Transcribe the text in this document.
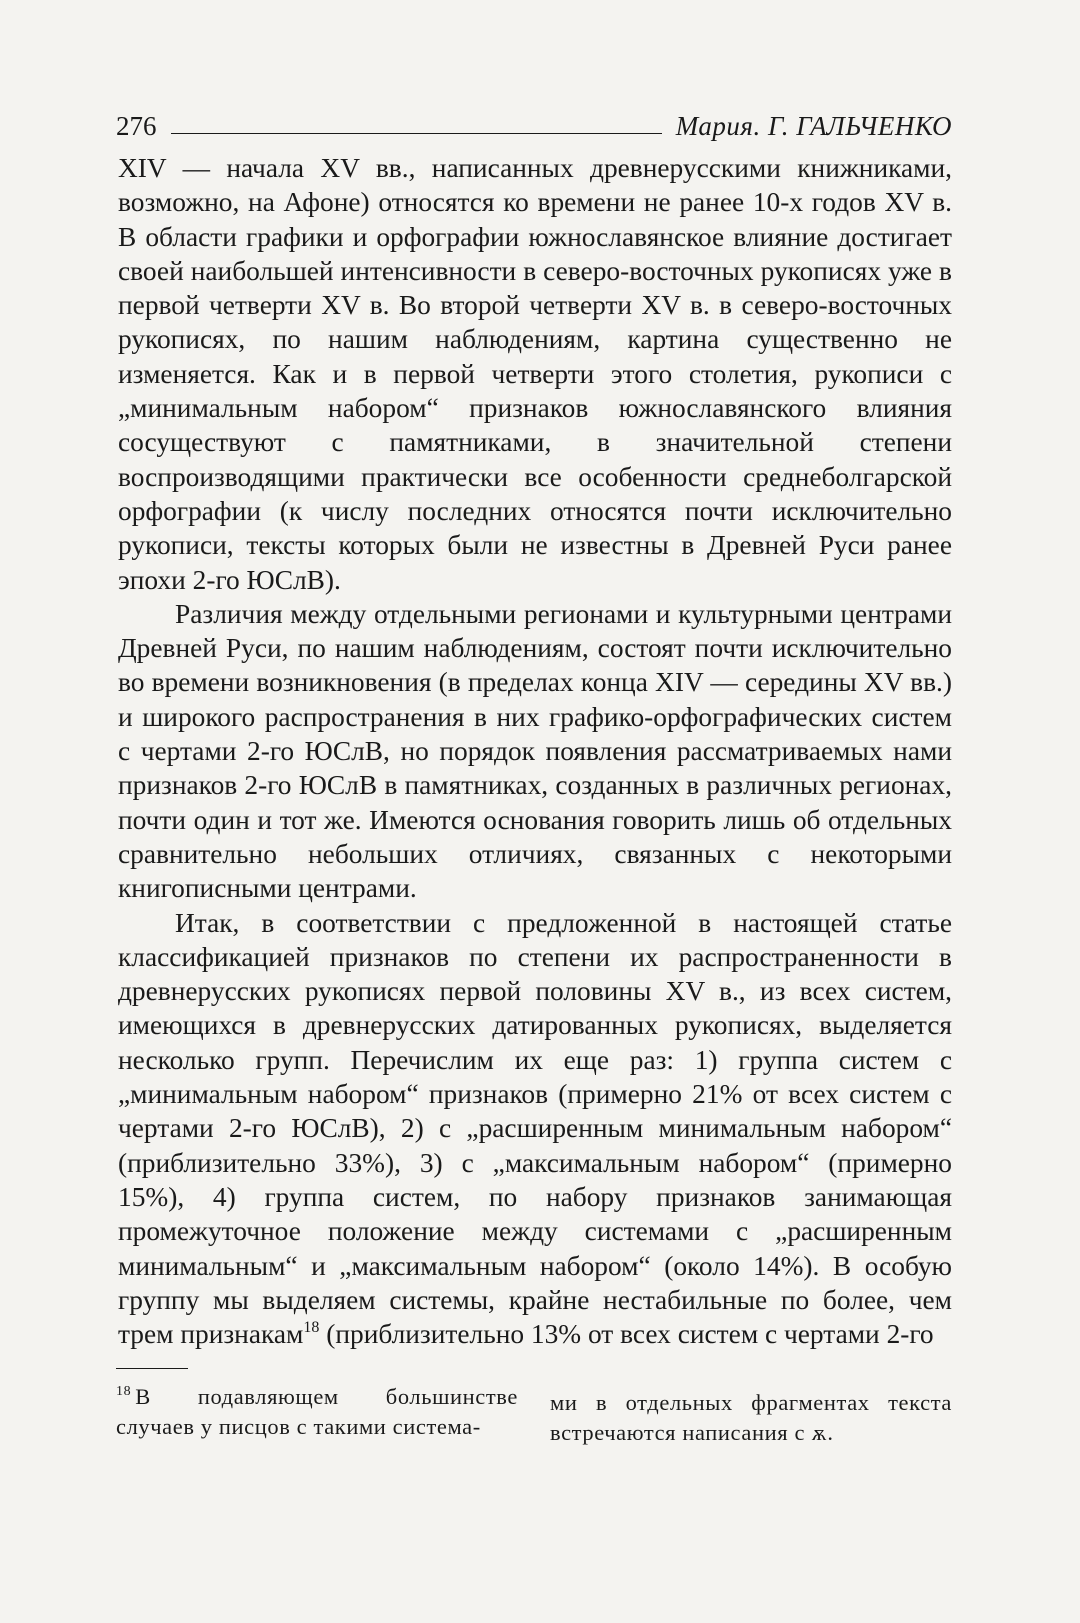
276	Мария. Г. ГАЛЬЧЕНКО

XIV — начала XV вв., написанных древнерусскими книжниками, возможно, на Афоне) относятся ко времени не ранее 10-х годов XV в. В области графики и орфографии южнославянское влияние достигает своей наибольшей интенсивности в северо-восточных рукописях уже в первой четверти XV в. Во второй четверти XV в. в северо-восточных рукописях, по нашим наблюдениям, картина существенно не изменяется. Как и в первой четверти этого столетия, рукописи с „минимальным набором“ признаков южнославянского влияния сосуществуют с памятниками, в значительной степени воспроизводящими практически все особенности среднеболгарской орфографии (к числу последних относятся почти исключительно рукописи, тексты которых были не известны в Древней Руси ранее эпохи 2-го ЮСлВ).

Различия между отдельными регионами и культурными центрами Древней Руси, по нашим наблюдениям, состоят почти исключительно во времени возникновения (в пределах конца XIV — середины XV вв.) и широкого распространения в них графико-орфографических систем с чертами 2-го ЮСлВ, но порядок появления рассматриваемых нами признаков 2-го ЮСлВ в памятниках, созданных в различных регионах, почти один и тот же. Имеются основания говорить лишь об отдельных сравнительно небольших отличиях, связанных с некоторыми книгописными центрами.

Итак, в соответствии с предложенной в настоящей статье классификацией признаков по степени их распространенности в древнерусских рукописях первой половины XV в., из всех систем, имеющихся в древнерусских датированных рукописях, выделяется несколько групп. Перечислим их еще раз: 1) группа систем с „минимальным набором“ признаков (примерно 21% от всех систем с чертами 2-го ЮСлВ), 2) с „расширенным минимальным набором“ (приблизительно 33%), 3) с „максимальным набором“ (примерно 15%), 4) группа систем, по набору признаков занимающая промежуточное положение между системами с „расширенным минимальным“ и „максимальным набором“ (около 14%). В особую группу мы выделяем системы, крайне нестабильные по более, чем трем признакам$^{18}$ (приблизительно 13% от всех систем с чертами 2-го

$^{18}$ В подавляющем большинстве случаев у писцов с такими система-
ми в отдельных фрагментах текста встречаются написания с ѫ.
